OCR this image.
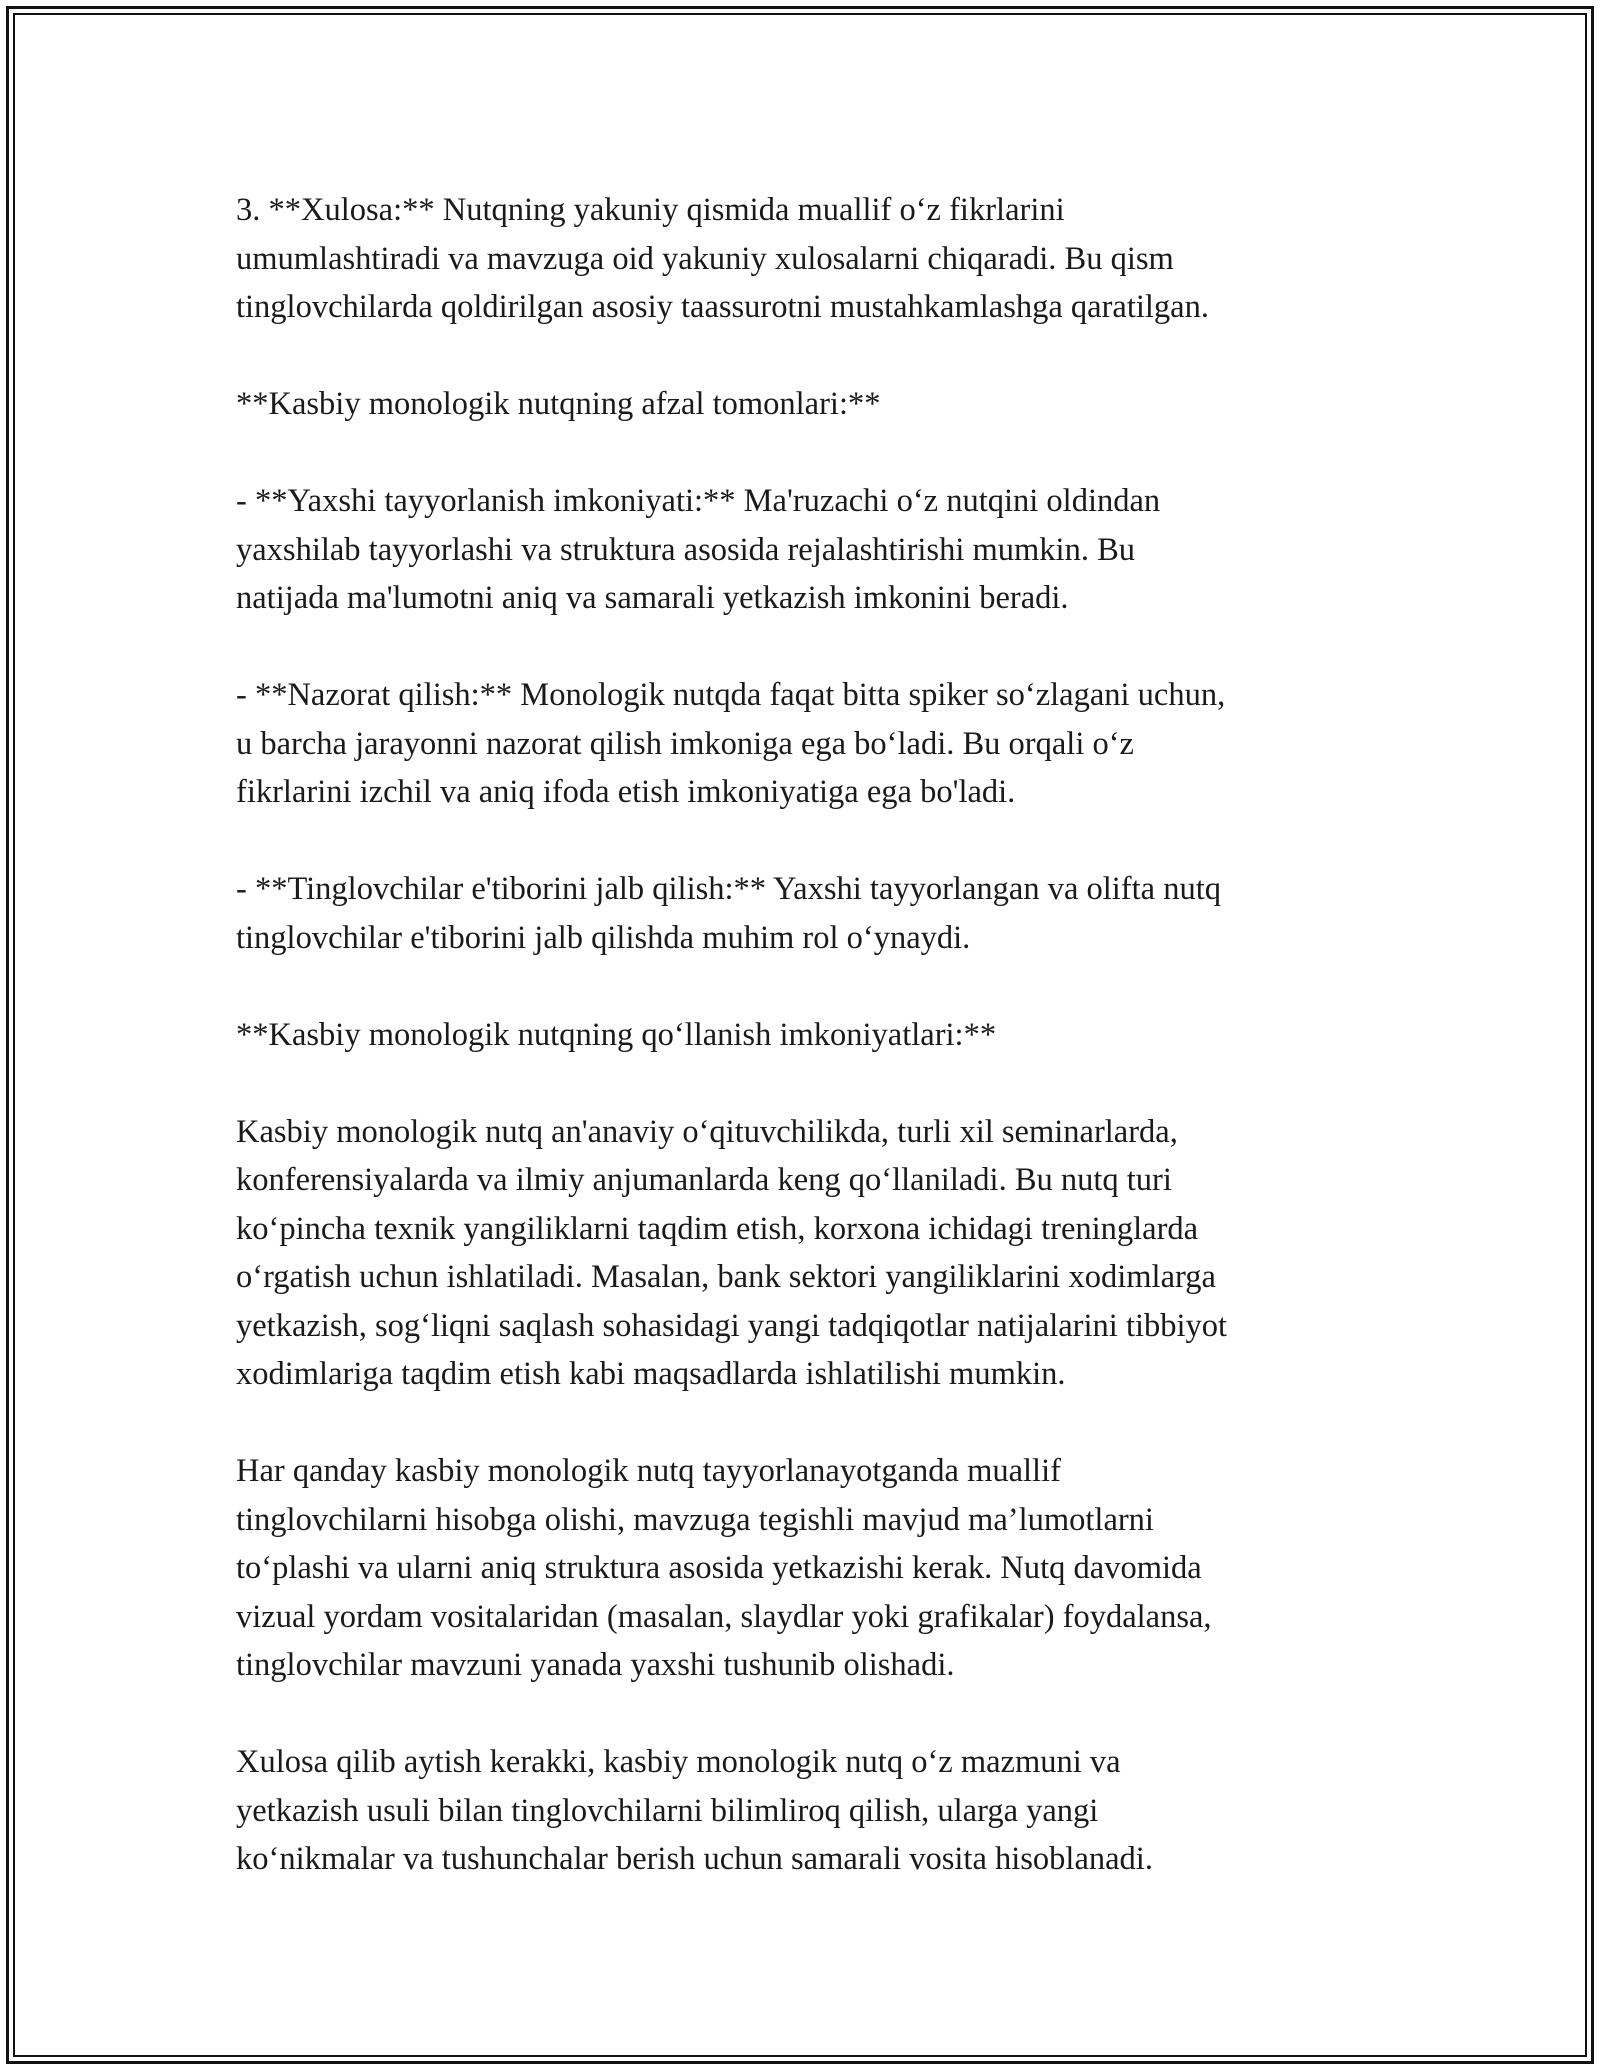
3. **Xulosa:** Nutqning yakuniy qismida muallif o‘z fikrlarini
umumlashtiradi va mavzuga oid yakuniy xulosalarni chiqaradi. Bu qism
tinglovchilarda qoldirilgan asosiy taassurotni mustahkamlashga qaratilgan.

**Kasbiy monologik nutqning afzal tomonlari:**

- **Yaxshi tayyorlanish imkoniyati:** Ma'ruzachi o‘z nutqini oldindan
yaxshilab tayyorlashi va struktura asosida rejalashtirishi mumkin. Bu
natijada ma'lumotni aniq va samarali yetkazish imkonini beradi.

- **Nazorat qilish:** Monologik nutqda faqat bitta spiker so‘zlagani uchun,
u barcha jarayonni nazorat qilish imkoniga ega bo‘ladi. Bu orqali o‘z
fikrlarini izchil va aniq ifoda etish imkoniyatiga ega bo'ladi.

- **Tinglovchilar e'tiborini jalb qilish:** Yaxshi tayyorlangan va olifta nutq
tinglovchilar e'tiborini jalb qilishda muhim rol o‘ynaydi.

**Kasbiy monologik nutqning qo‘llanish imkoniyatlari:**

Kasbiy monologik nutq an'anaviy o‘qituvchilikda, turli xil seminarlarda,
konferensiyalarda va ilmiy anjumanlarda keng qo‘llaniladi. Bu nutq turi
ko‘pincha texnik yangiliklarni taqdim etish, korxona ichidagi treninglarda
o‘rgatish uchun ishlatiladi. Masalan, bank sektori yangiliklarini xodimlarga
yetkazish, sog‘liqni saqlash sohasidagi yangi tadqiqotlar natijalarini tibbiyot
xodimlariga taqdim etish kabi maqsadlarda ishlatilishi mumkin.

Har qanday kasbiy monologik nutq tayyorlanayotganda muallif
tinglovchilarni hisobga olishi, mavzuga tegishli mavjud ma’lumotlarni
to‘plashi va ularni aniq struktura asosida yetkazishi kerak. Nutq davomida
vizual yordam vositalaridan (masalan, slaydlar yoki grafikalar) foydalansa,
tinglovchilar mavzuni yanada yaxshi tushunib olishadi.

Xulosa qilib aytish kerakki, kasbiy monologik nutq o‘z mazmuni va
yetkazish usuli bilan tinglovchilarni bilimliroq qilish, ularga yangi
ko‘nikmalar va tushunchalar berish uchun samarali vosita hisoblanadi.
